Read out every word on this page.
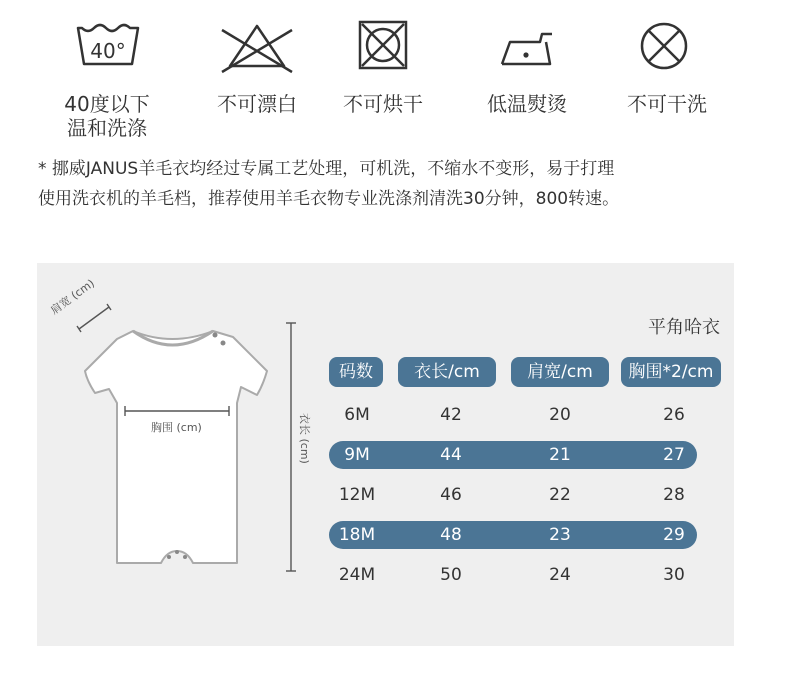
40°
40度以下
温和洗涤
不可漂白	不可烘干	低温熨烫	不可干洗
* 挪威JANUS羊毛衣均经过专属工艺处理，可机洗，不缩水不变形，易于打理
使用洗衣机的羊毛档，推荐使用羊毛衣物专业洗涤剂清洗30分钟，800转速。
肩宽 (cm)
胸围 (cm)	衣长 (cm)
平角哈衣
码数	衣长/cm	肩宽/cm	胸围*2/cm
6M	42	20	26
9M	44	21	27
12M	46	22	28
18M	48	23	29
24M	50	24	30
